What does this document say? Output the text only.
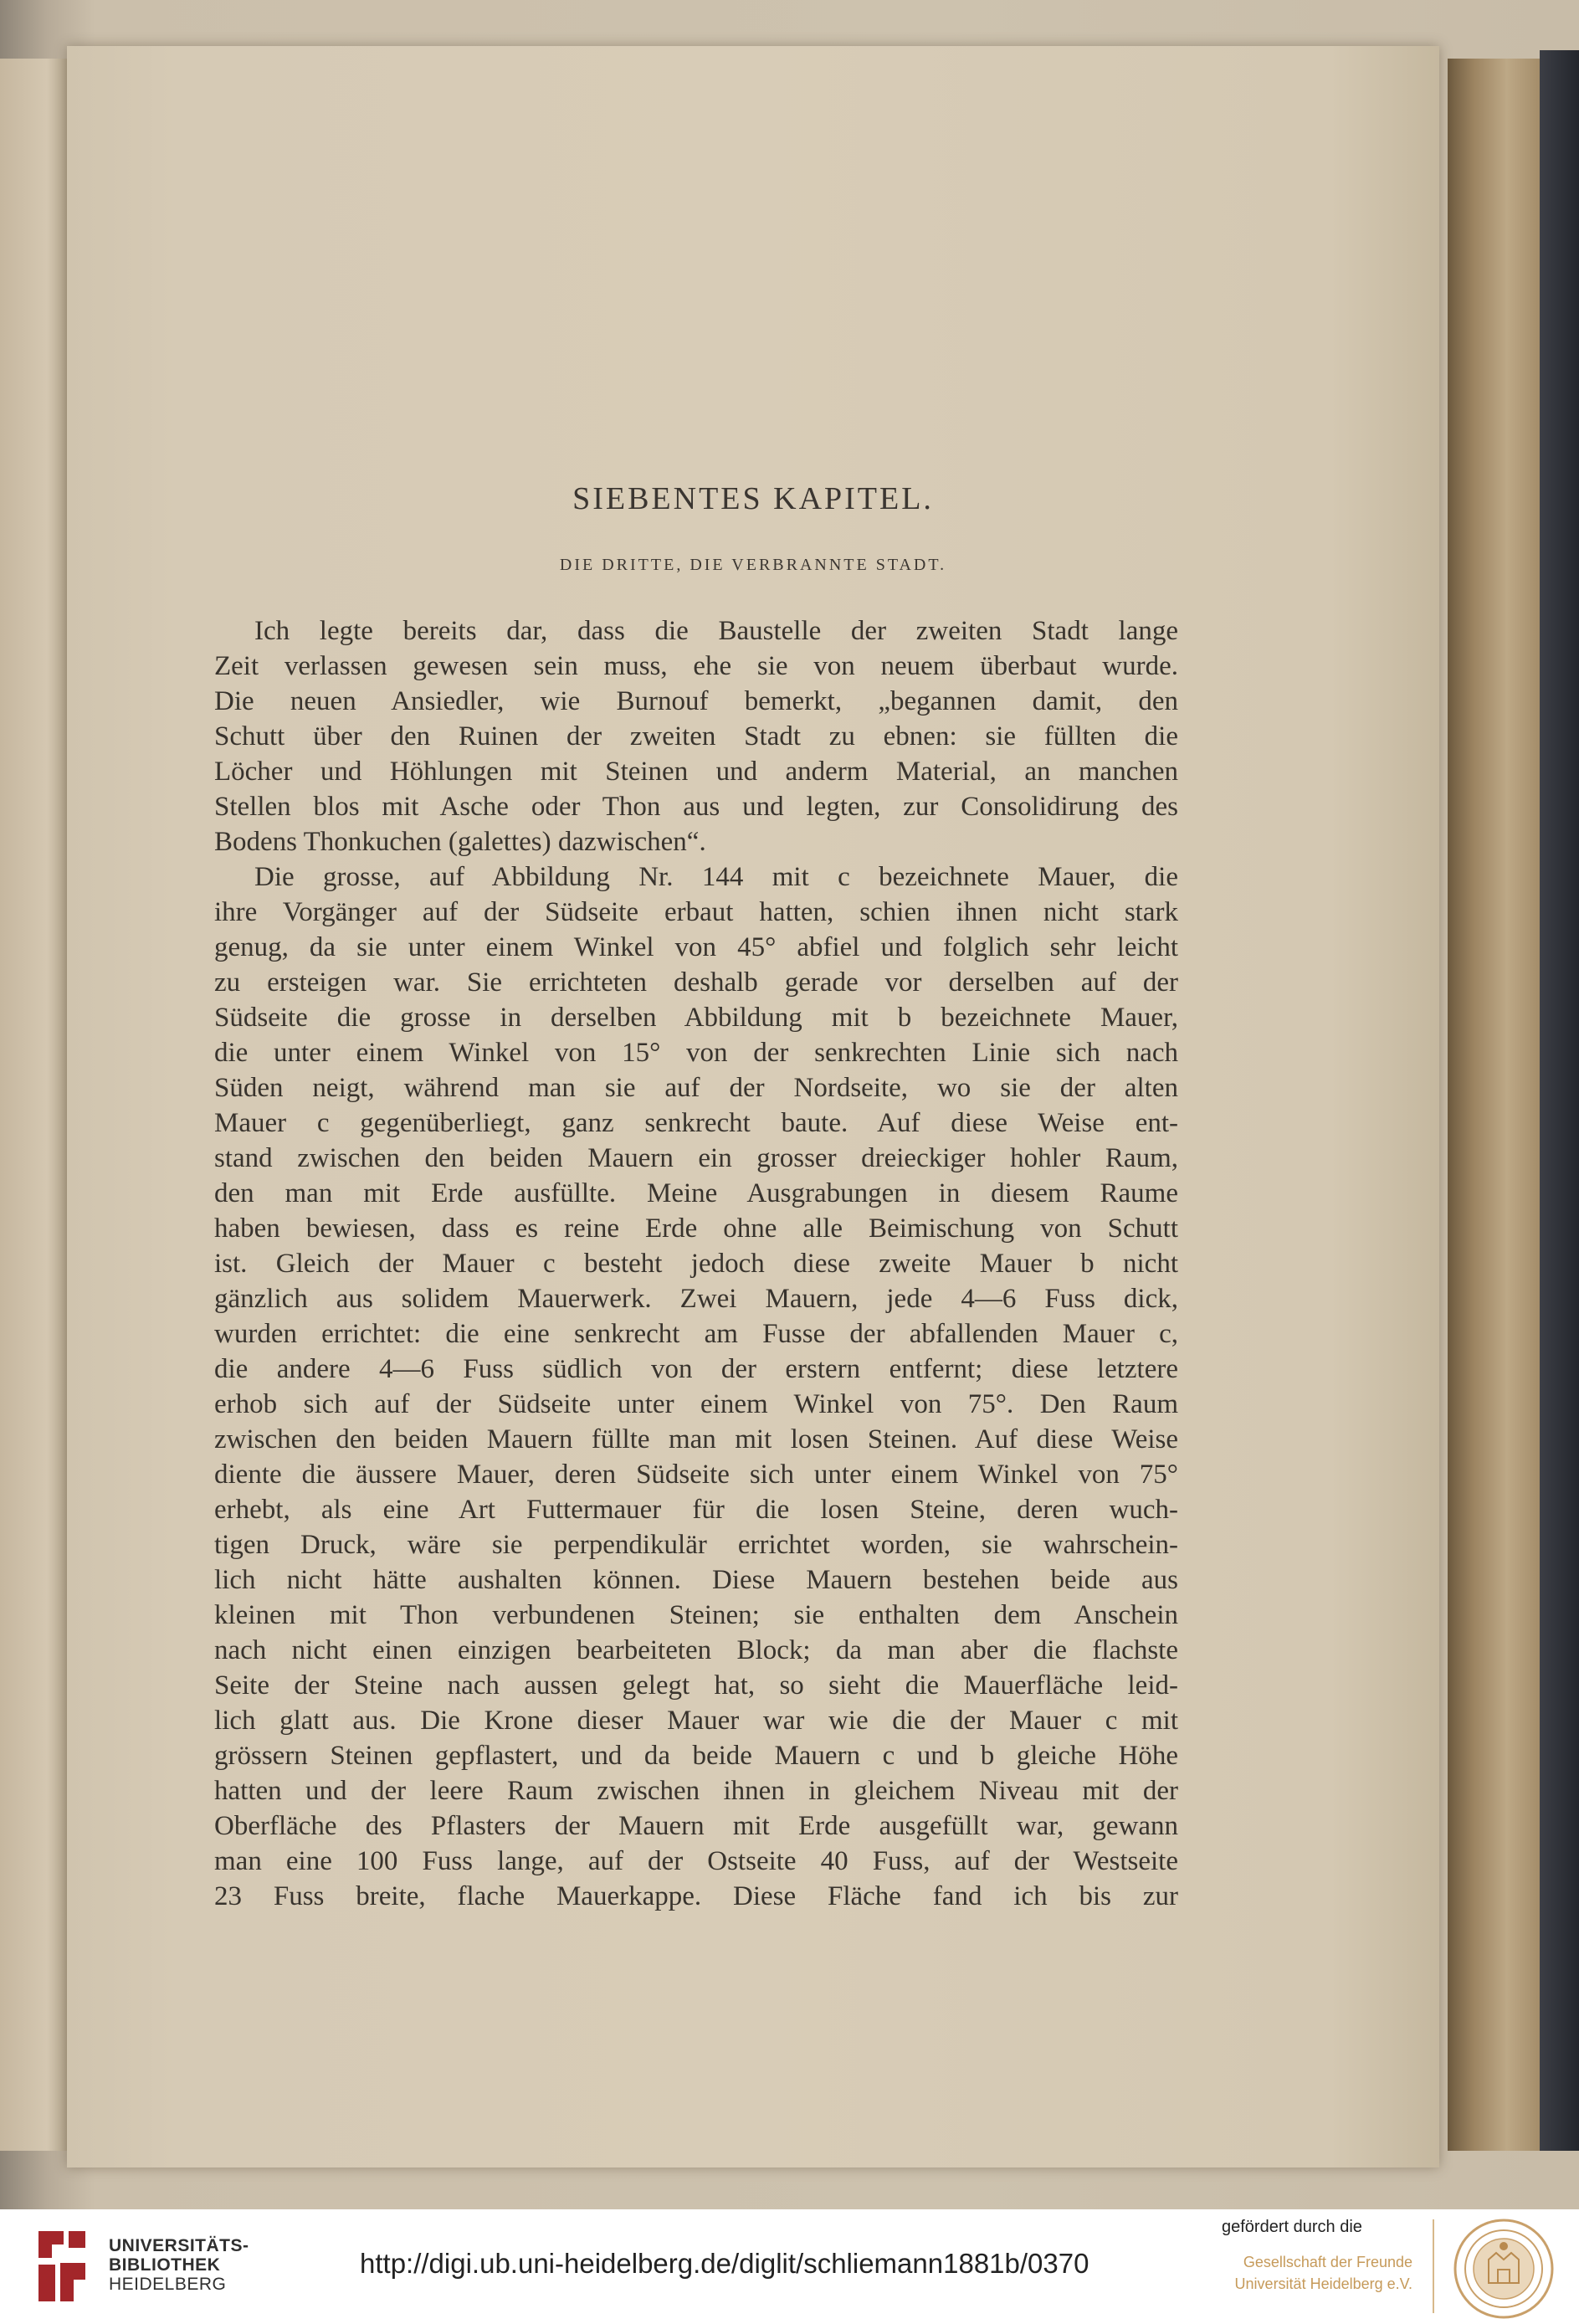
SIEBENTES KAPITEL.
DIE DRITTE, DIE VERBRANNTE STADT.
Ich legte bereits dar, dass die Baustelle der zweiten Stadt lange
Zeit verlassen gewesen sein muss, ehe sie von neuem überbaut wurde.
Die neuen Ansiedler, wie Burnouf bemerkt, „begannen damit, den
Schutt über den Ruinen der zweiten Stadt zu ebnen: sie füllten die
Löcher und Höhlungen mit Steinen und anderm Material, an manchen
Stellen blos mit Asche oder Thon aus und legten, zur Consolidirung des
Bodens Thonkuchen (galettes) dazwischen“.
Die grosse, auf Abbildung Nr. 144 mit c bezeichnete Mauer, die
ihre Vorgänger auf der Südseite erbaut hatten, schien ihnen nicht stark
genug, da sie unter einem Winkel von 45° abfiel und folglich sehr leicht
zu ersteigen war. Sie errichteten deshalb gerade vor derselben auf der
Südseite die grosse in derselben Abbildung mit b bezeichnete Mauer,
die unter einem Winkel von 15° von der senkrechten Linie sich nach
Süden neigt, während man sie auf der Nordseite, wo sie der alten
Mauer c gegenüberliegt, ganz senkrecht baute. Auf diese Weise ent-
stand zwischen den beiden Mauern ein grosser dreieckiger hohler Raum,
den man mit Erde ausfüllte. Meine Ausgrabungen in diesem Raume
haben bewiesen, dass es reine Erde ohne alle Beimischung von Schutt
ist. Gleich der Mauer c besteht jedoch diese zweite Mauer b nicht
gänzlich aus solidem Mauerwerk. Zwei Mauern, jede 4—6 Fuss dick,
wurden errichtet: die eine senkrecht am Fusse der abfallenden Mauer c,
die andere 4—6 Fuss südlich von der erstern entfernt; diese letztere
erhob sich auf der Südseite unter einem Winkel von 75°. Den Raum
zwischen den beiden Mauern füllte man mit losen Steinen. Auf diese Weise
diente die äussere Mauer, deren Südseite sich unter einem Winkel von 75°
erhebt, als eine Art Futtermauer für die losen Steine, deren wuch-
tigen Druck, wäre sie perpendikulär errichtet worden, sie wahrschein-
lich nicht hätte aushalten können. Diese Mauern bestehen beide aus
kleinen mit Thon verbundenen Steinen; sie enthalten dem Anschein
nach nicht einen einzigen bearbeiteten Block; da man aber die flachste
Seite der Steine nach aussen gelegt hat, so sieht die Mauerfläche leid-
lich glatt aus. Die Krone dieser Mauer war wie die der Mauer c mit
grössern Steinen gepflastert, und da beide Mauern c und b gleiche Höhe
hatten und der leere Raum zwischen ihnen in gleichem Niveau mit der
Oberfläche des Pflasters der Mauern mit Erde ausgefüllt war, gewann
man eine 100 Fuss lange, auf der Ostseite 40 Fuss, auf der Westseite
23 Fuss breite, flache Mauerkappe. Diese Fläche fand ich bis zur
UNIVERSITÄTS-
BIBLIOTHEK
HEIDELBERG
http://digi.ub.uni-heidelberg.de/diglit/schliemann1881b/0370
gefördert durch die
Gesellschaft der Freunde
Universität Heidelberg e.V.
